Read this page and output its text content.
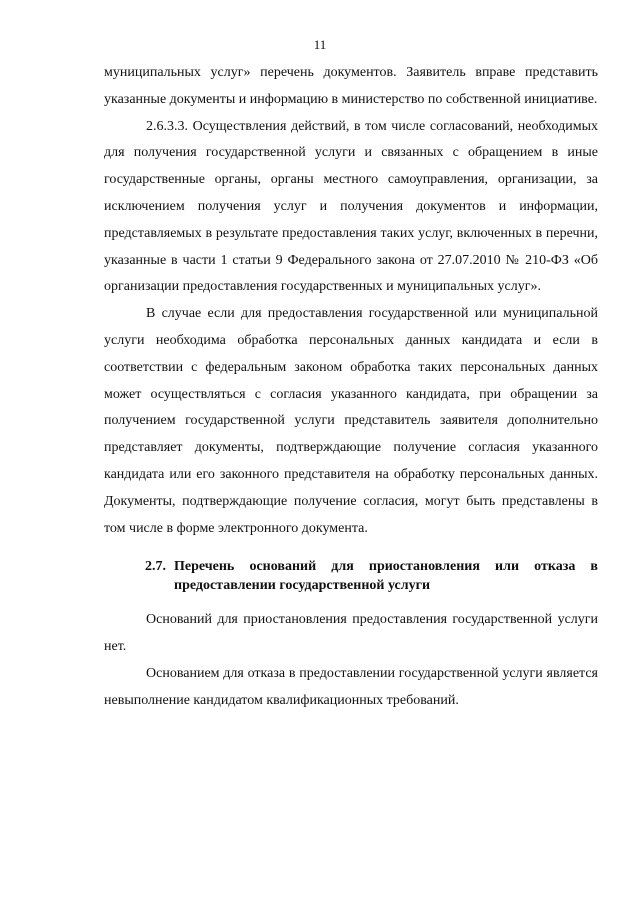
11

муниципальных услуг» перечень документов. Заявитель вправе представить указанные документы и информацию в министерство по собственной инициативе.

2.6.3.3. Осуществления действий, в том числе согласований, необходимых для получения государственной услуги и связанных с обращением в иные государственные органы, органы местного самоуправления, организации, за исключением получения услуг и получения документов и информации, представляемых в результате предоставления таких услуг, включенных в перечни, указанные в части 1 статьи 9 Федерального закона от 27.07.2010 № 210-ФЗ «Об организации предоставления государственных и муниципальных услуг».

В случае если для предоставления государственной или муниципальной услуги необходима обработка персональных данных кандидата и если в соответствии с федеральным законом обработка таких персональных данных может осуществляться с согласия указанного кандидата, при обращении за получением государственной услуги представитель заявителя дополнительно представляет документы, подтверждающие получение согласия указанного кандидата или его законного представителя на обработку персональных данных. Документы, подтверждающие получение согласия, могут быть представлены в том числе в форме электронного документа.

2.7. Перечень оснований для приостановления или отказа в предоставлении государственной услуги

Оснований для приостановления предоставления государственной услуги нет.

Основанием для отказа в предоставлении государственной услуги является невыполнение кандидатом квалификационных требований.
